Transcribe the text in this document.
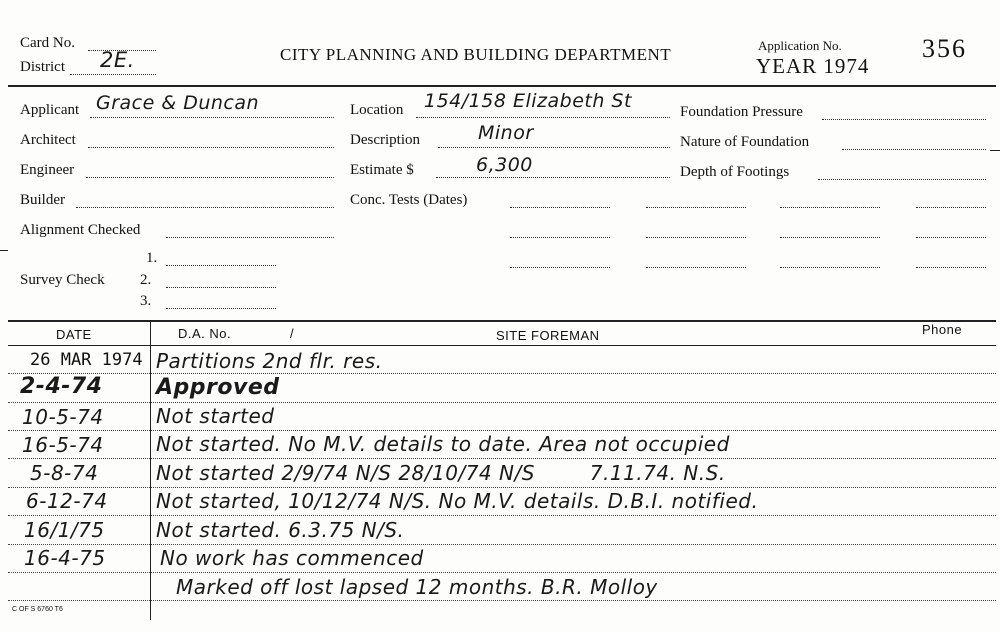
Card No.
District 2E.	CITY PLANNING AND BUILDING DEPARTMENT	Application No.
YEAR 1974
356
Applicant Grace & Duncan
Architect
Engineer
Builder
Alignment Checked
Survey Check
1.
2.
3.
Location 154/158 Elizabeth St
Description	Minor
Estimate $	6,300
Conc. Tests (Dates)
Foundation Pressure
Nature of Foundation
Depth of Footings
DATE	D.A. No.	/	SITE FOREMAN	Phone
26 MAR 1974 Partitions 2nd flr. res.
2-4-74 Approved
10-5-74	Not started
16-5-74	Not started. No M.V. details to date. Area not occupied
5-8-74	Not started 2/9/74 N/S 28/10/74 N/S        7.11.74. N.S.
6-12-74 Not started, 10/12/74 N/S. No M.V. details. D.B.I. notified.
16/1/75	Not started. 6.3.75 N/S.
16-4-75	No work has commenced
Marked off lost lapsed 12 months. B.R. Molloy
C OF S 6760 T6
